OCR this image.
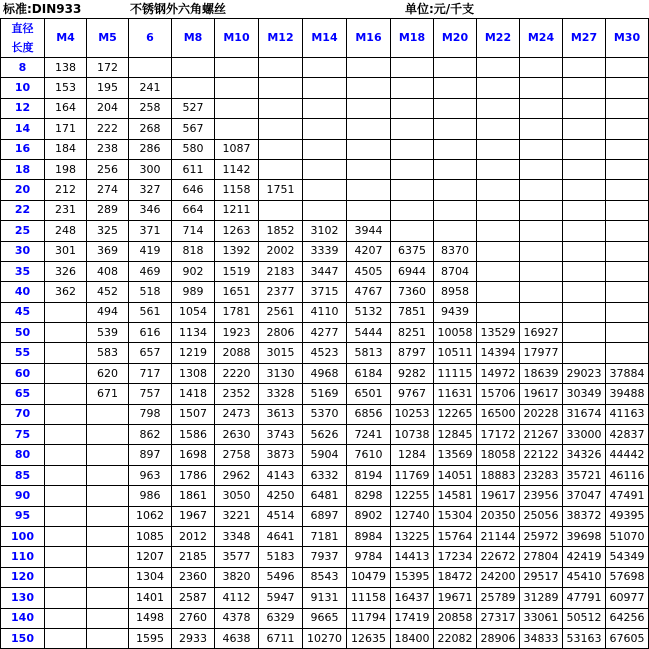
标准:DIN933	不锈钢外六角螺丝	单位:元/千支
直径
长度	M4	M5	6	M8	M10	M12	M14	M16	M18	M20	M22	M24	M27	M30
8	138	172												
10	153	195	241											
12	164	204	258	527										
14	171	222	268	567										
16	184	238	286	580	1087									
18	198	256	300	611	1142									
20	212	274	327	646	1158	1751								
22	231	289	346	664	1211									
25	248	325	371	714	1263	1852	3102	3944						
30	301	369	419	818	1392	2002	3339	4207	6375	8370				
35	326	408	469	902	1519	2183	3447	4505	6944	8704				
40	362	452	518	989	1651	2377	3715	4767	7360	8958				
45		494	561	1054	1781	2561	4110	5132	7851	9439				
50		539	616	1134	1923	2806	4277	5444	8251	10058	13529	16927		
55		583	657	1219	2088	3015	4523	5813	8797	10511	14394	17977		
60		620	717	1308	2220	3130	4968	6184	9282	11115	14972	18639	29023	37884
65		671	757	1418	2352	3328	5169	6501	9767	11631	15706	19617	30349	39488
70			798	1507	2473	3613	5370	6856	10253	12265	16500	20228	31674	41163
75			862	1586	2630	3743	5626	7241	10738	12845	17172	21267	33000	42837
80			897	1698	2758	3873	5904	7610	1284	13569	18058	22122	34326	44442
85			963	1786	2962	4143	6332	8194	11769	14051	18883	23283	35721	46116
90			986	1861	3050	4250	6481	8298	12255	14581	19617	23956	37047	47491
95			1062	1967	3221	4514	6897	8902	12740	15304	20350	25056	38372	49395
100			1085	2012	3348	4641	7181	8984	13225	15764	21144	25972	39698	51070
110			1207	2185	3577	5183	7937	9784	14413	17234	22672	27804	42419	54349
120			1304	2360	3820	5496	8543	10479	15395	18472	24200	29517	45410	57698
130			1401	2587	4112	5947	9131	11158	16437	19671	25789	31289	47791	60977
140			1498	2760	4378	6329	9665	11794	17419	20858	27317	33061	50512	64256
150			1595	2933	4638	6711	10270	12635	18400	22082	28906	34833	53163	67605
